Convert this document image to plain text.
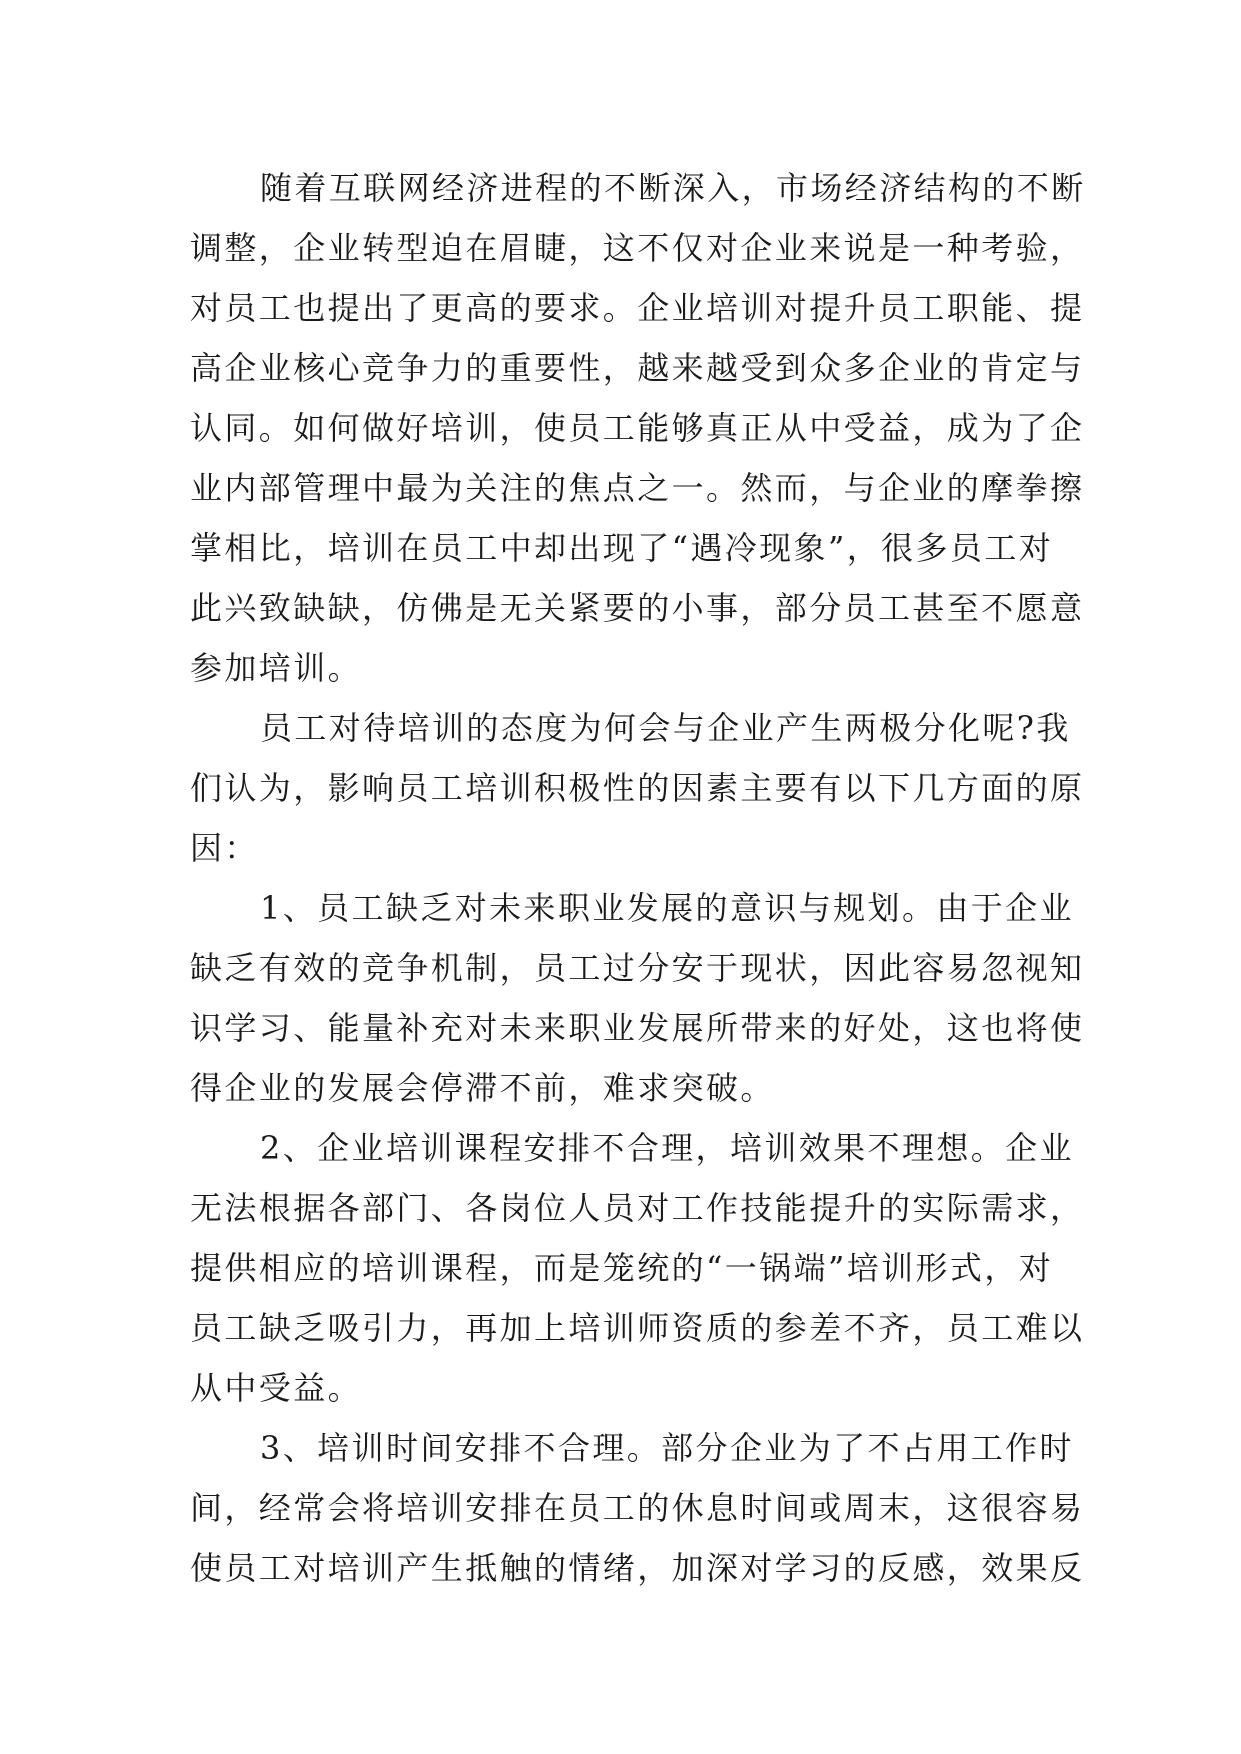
随着互联网经济进程的不断深入，市场经济结构的不断
调整，企业转型迫在眉睫，这不仅对企业来说是一种考验，
对员工也提出了更高的要求。企业培训对提升员工职能、提
高企业核心竞争力的重要性，越来越受到众多企业的肯定与
认同。如何做好培训，使员工能够真正从中受益，成为了企
业内部管理中最为关注的焦点之一。然而，与企业的摩拳擦
掌相比，培训在员工中却出现了“遇冷现象”，很多员工对
此兴致缺缺，仿佛是无关紧要的小事，部分员工甚至不愿意
参加培训。
员工对待培训的态度为何会与企业产生两极分化呢?我
们认为，影响员工培训积极性的因素主要有以下几方面的原
因：
1、员工缺乏对未来职业发展的意识与规划。由于企业
缺乏有效的竞争机制，员工过分安于现状，因此容易忽视知
识学习、能量补充对未来职业发展所带来的好处，这也将使
得企业的发展会停滞不前，难求突破。
2、企业培训课程安排不合理，培训效果不理想。企业
无法根据各部门、各岗位人员对工作技能提升的实际需求，
提供相应的培训课程，而是笼统的“一锅端”培训形式，对
员工缺乏吸引力，再加上培训师资质的参差不齐，员工难以
从中受益。
3、培训时间安排不合理。部分企业为了不占用工作时
间，经常会将培训安排在员工的休息时间或周末，这很容易
使员工对培训产生抵触的情绪，加深对学习的反感，效果反
